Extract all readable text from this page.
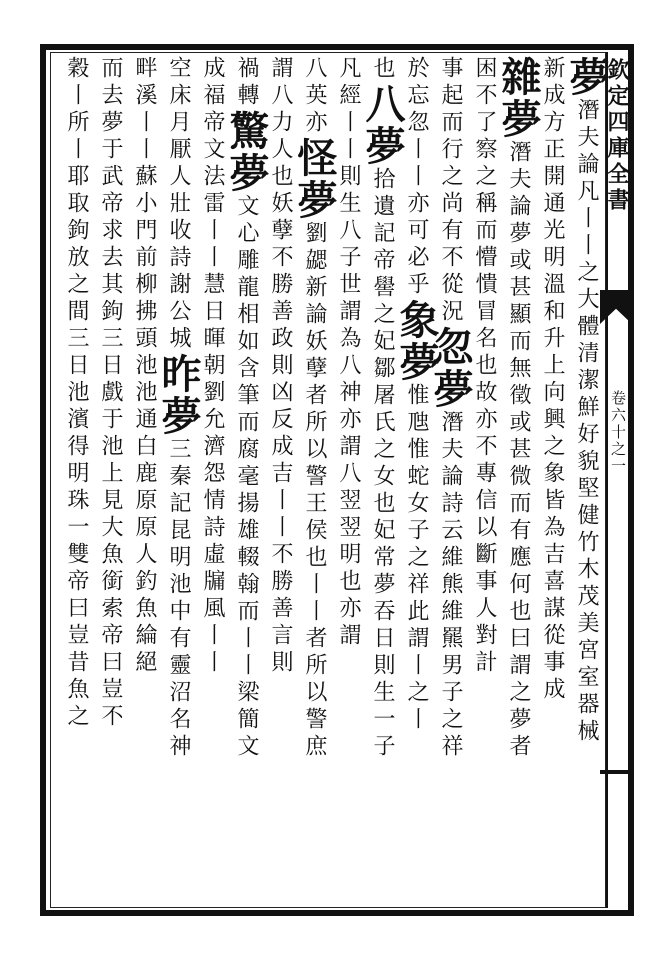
欽定四庫全書
卷六十之一
夢潛夫論凡丨丨之大體清潔鮮好貌堅健竹木茂美宮室器械
新成方正開通光明溫和升上向興之象皆為吉喜謀從事成
雜夢潛夫論夢或甚顯而無徵或甚微而有應何也曰謂之夢者
困不了察之稱而懵憒冒名也故亦不專信以斷事人對計
事起而行之尚有不從況忽夢潛夫論詩云維熊維羆男子之祥
於忘忽丨丨亦可必乎象夢惟虺惟蛇女子之祥此謂丨之丨
也八夢拾遺記帝嚳之妃鄒屠氏之女也妃常夢吞日則生一子
凡經丨丨則生八子世謂為八神亦謂八翌翌明也亦謂
八英亦怪夢劉勰新論妖孽者所以警王侯也丨丨者所以警庶
謂八力人也妖孽不勝善政則凶反成吉丨丨不勝善言則
禍轉驚夢文心雕龍相如含筆而腐毫揚雄輟翰而丨丨梁簡文
成福帝文法雷丨丨慧日暉朝劉允濟怨情詩虛牖風丨丨
空床月厭人壯收詩謝公城昨夢三秦記昆明池中有靈沼名神
畔溪丨丨蘇小門前柳拂頭池池通白鹿原原人釣魚綸絕
而去夢于武帝求去其鉤三日戲于池上見大魚銜索帝曰豈不
穀丨所丨耶取鉤放之間三日池濱得明珠一雙帝曰豈昔魚之
